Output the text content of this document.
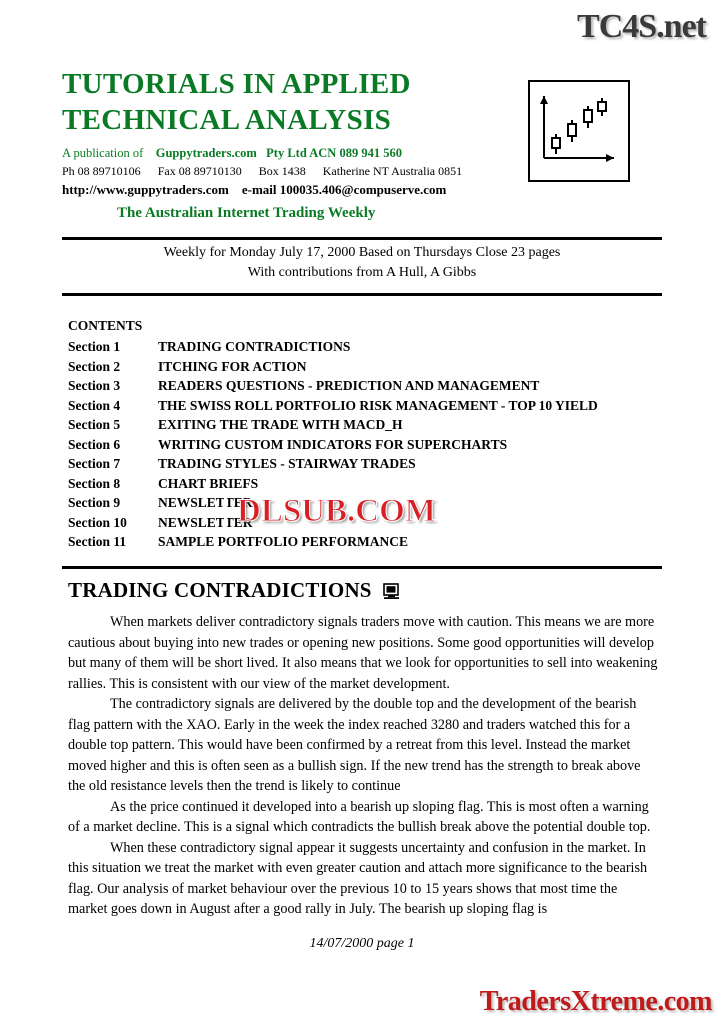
TC4S.net
TUTORIALS IN APPLIED
TECHNICAL ANALYSIS
A publication of Guppytraders.com Pty Ltd ACN 089 941 560
Ph 08 89710106 Fax 08 89710130 Box 1438 Katherine NT Australia 0851
http://www.guppytraders.com e-mail 100035.406@compuserve.com
The Australian Internet Trading Weekly
Weekly for Monday July 17, 2000 Based on Thursdays Close 23 pages
With contributions from A Hull, A Gibbs
CONTENTS
Section 1	TRADING CONTRADICTIONS
Section 2	ITCHING FOR ACTION
Section 3	READERS QUESTIONS - PREDICTION AND MANAGEMENT
Section 4	THE SWISS ROLL PORTFOLIO RISK MANAGEMENT - TOP 10 YIELD
Section 5	EXITING THE TRADE WITH MACD_H
Section 6	WRITING CUSTOM INDICATORS FOR SUPERCHARTS
Section 7	TRADING STYLES - STAIRWAY TRADES
Section 8	CHART BRIEFS
Section 9	NEWSLETTER
Section 10	NEWSLETTER
Section 11	SAMPLE PORTFOLIO PERFORMANCE
DLSUB.COM
TRADING CONTRADICTIONS

When markets deliver contradictory signals traders move with caution. This means we are more cautious about buying into new trades or opening new positions. Some good opportunities will develop but many of them will be short lived. It also means that we look for opportunities to sell into weakening rallies. This is consistent with our view of the market development.

The contradictory signals are delivered by the double top and the development of the bearish flag pattern with the XAO. Early in the week the index reached 3280 and traders watched this for a double top pattern. This would have been confirmed by a retreat from this level. Instead the market moved higher and this is often seen as a bullish sign. If the new trend has the strength to break above the old resistance levels then the trend is likely to continue

As the price continued it developed into a bearish up sloping flag. This is most often a warning of a market decline. This is a signal which contradicts the bullish break above the potential double top.

When these contradictory signal appear it suggests uncertainty and confusion in the market. In this situation we treat the market with even greater caution and attach more significance to the bearish flag. Our analysis of market behaviour over the previous 10 to 15 years shows that most time the market goes down in August after a good rally in July. The bearish up sloping flag is

14/07/2000 page 1
TradersXtreme.com
